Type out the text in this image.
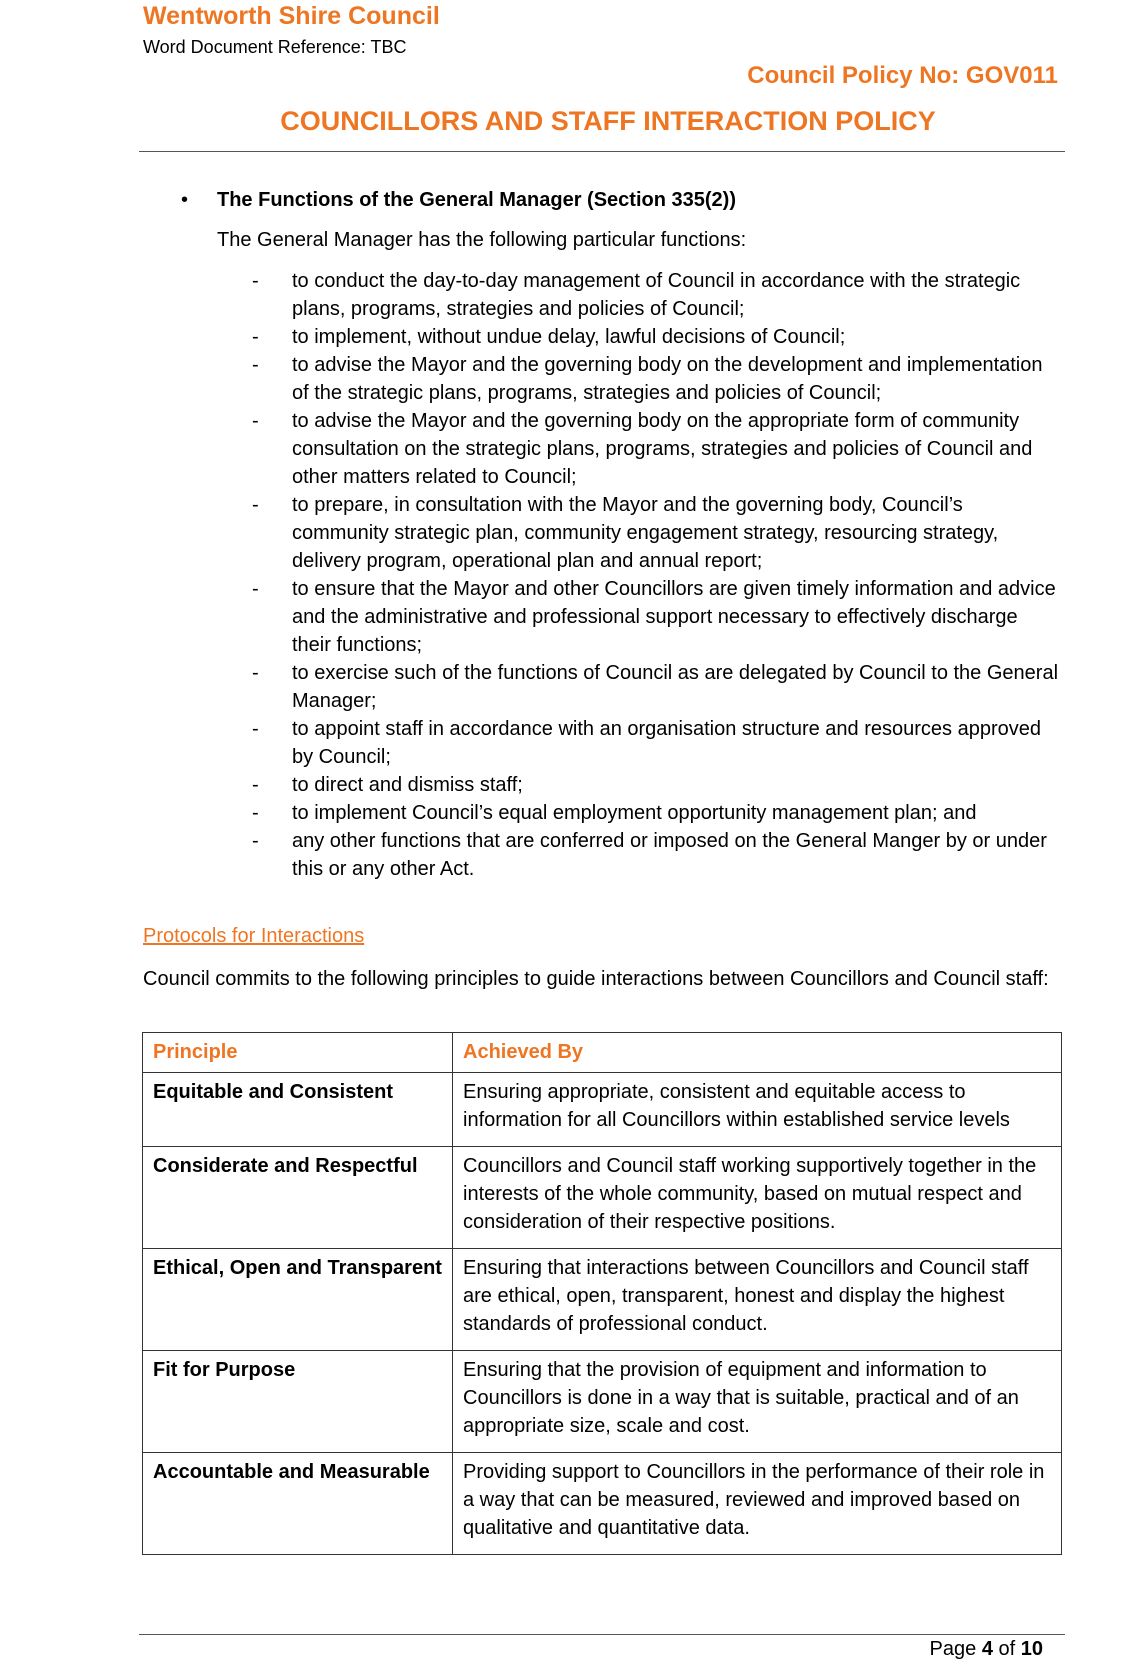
Wentworth Shire Council
Word Document Reference: TBC
Council Policy No: GOV011
COUNCILLORS AND STAFF INTERACTION POLICY
• The Functions of the General Manager (Section 335(2))
The General Manager has the following particular functions:
- to conduct the day-to-day management of Council in accordance with the strategic plans, programs, strategies and policies of Council;
- to implement, without undue delay, lawful decisions of Council;
- to advise the Mayor and the governing body on the development and implementation of the strategic plans, programs, strategies and policies of Council;
- to advise the Mayor and the governing body on the appropriate form of community consultation on the strategic plans, programs, strategies and policies of Council and other matters related to Council;
- to prepare, in consultation with the Mayor and the governing body, Council’s community strategic plan, community engagement strategy, resourcing strategy, delivery program, operational plan and annual report;
- to ensure that the Mayor and other Councillors are given timely information and advice and the administrative and professional support necessary to effectively discharge their functions;
- to exercise such of the functions of Council as are delegated by Council to the General Manager;
- to appoint staff in accordance with an organisation structure and resources approved by Council;
- to direct and dismiss staff;
- to implement Council’s equal employment opportunity management plan; and
- any other functions that are conferred or imposed on the General Manger by or under this or any other Act.
Protocols for Interactions
Council commits to the following principles to guide interactions between Councillors and Council staff:
Principle	Achieved By
Equitable and Consistent	Ensuring appropriate, consistent and equitable access to information for all Councillors within established service levels
Considerate and Respectful	Councillors and Council staff working supportively together in the interests of the whole community, based on mutual respect and consideration of their respective positions.
Ethical, Open and Transparent	Ensuring that interactions between Councillors and Council staff are ethical, open, transparent, honest and display the highest standards of professional conduct.
Fit for Purpose	Ensuring that the provision of equipment and information to Councillors is done in a way that is suitable, practical and of an appropriate size, scale and cost.
Accountable and Measurable	Providing support to Councillors in the performance of their role in a way that can be measured, reviewed and improved based on qualitative and quantitative data.
Page 4 of 10
